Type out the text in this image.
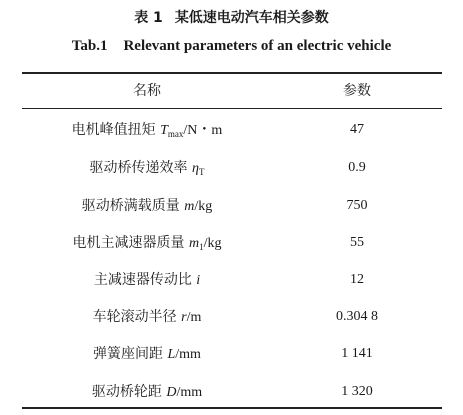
表 1 某低速电动汽车相关参数
Tab.1 Relevant parameters of an electric vehicle
名称	参数
电机峰值扭矩 $T_{max}/N$・m	47
驱动桥传递效率 $\eta_T$	0.9
驱动桥满载质量 m/kg	750
电机主减速器质量 $m_1/kg$	55
主减速器传动比 i	12
车轮滚动半径 r/m	0.304 8
弹簧座间距 L/mm	1 141
驱动桥轮距 D/mm	1 320
